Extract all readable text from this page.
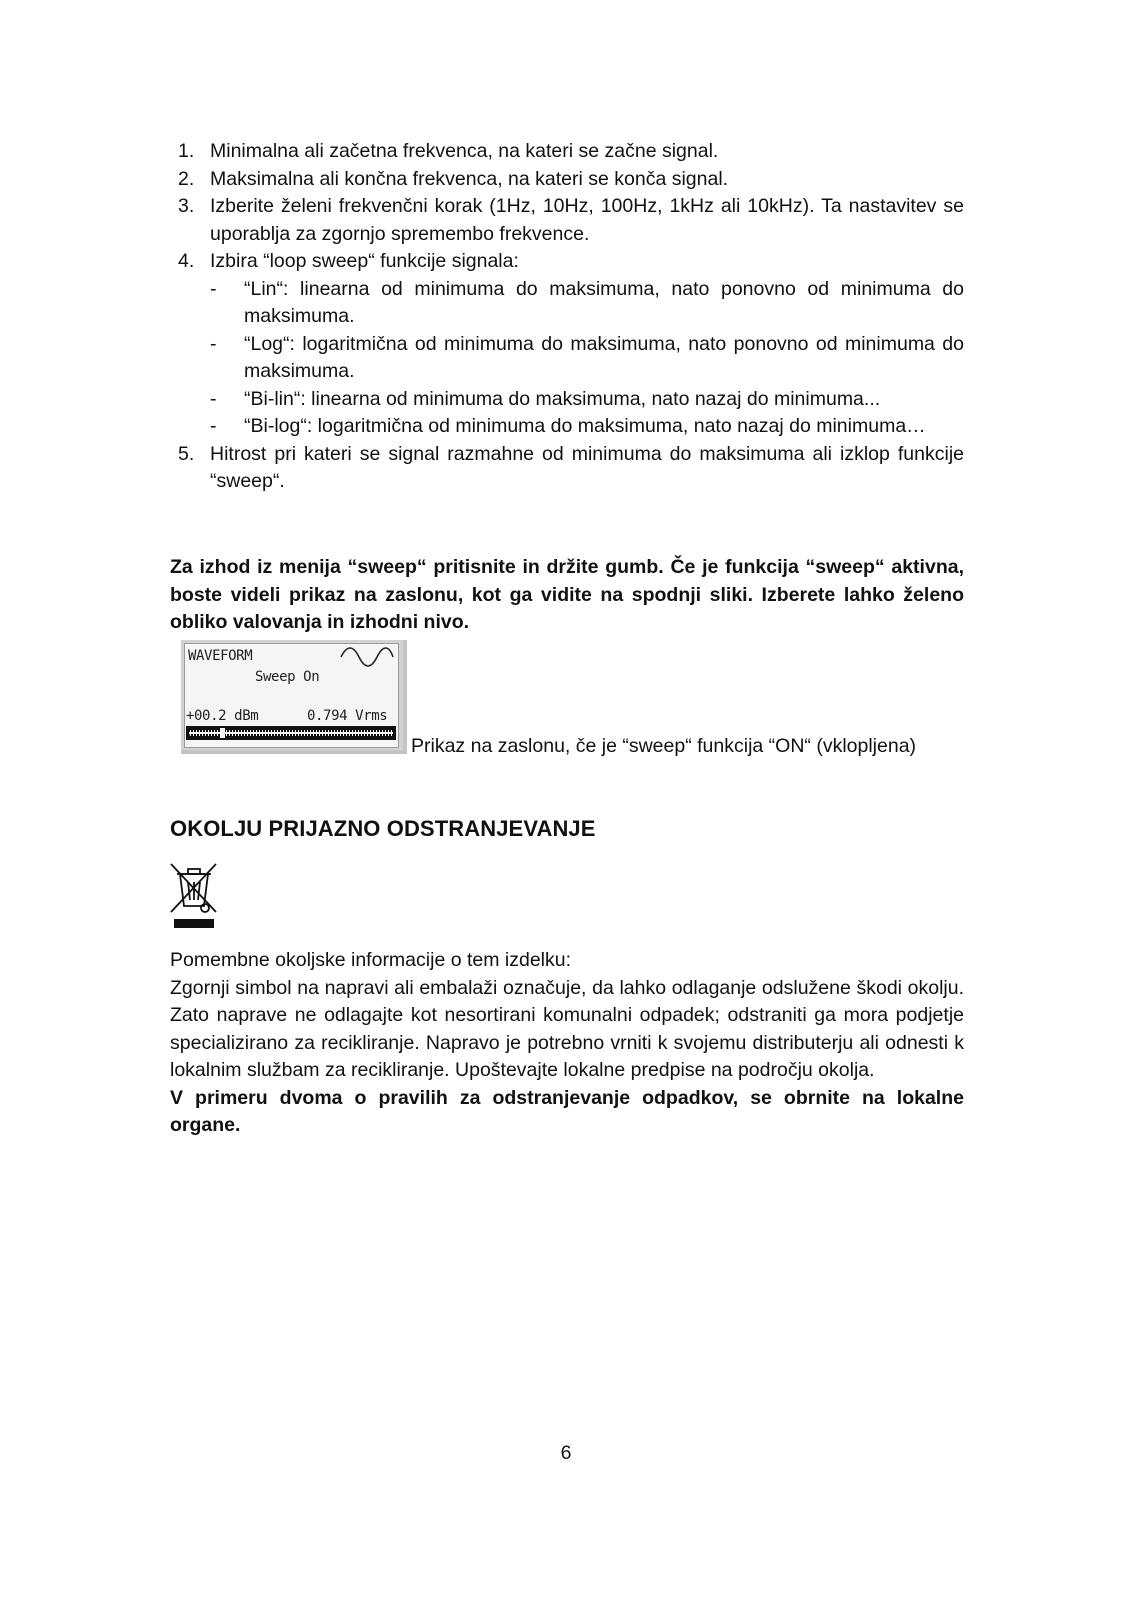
1. Minimalna ali začetna frekvenca, na kateri se začne signal.
2. Maksimalna ali končna frekvenca, na kateri se konča signal.
3. Izberite želeni frekvenčni korak (1Hz, 10Hz, 100Hz, 1kHz ali 10kHz). Ta nastavitev se uporablja za zgornjo spremembo frekvence.
4. Izbira “loop sweep“ funkcije signala:
- “Lin“: linearna od minimuma do maksimuma, nato ponovno od minimuma do maksimuma.
- “Log“: logaritmična od minimuma do maksimuma, nato ponovno od minimuma do maksimuma.
- “Bi-lin“: linearna od minimuma do maksimuma, nato nazaj do minimuma...
- “Bi-log“: logaritmična od minimuma do maksimuma, nato nazaj do minimuma…
5. Hitrost pri kateri se signal razmahne od minimuma do maksimuma ali izklop funkcije “sweep“.

Za izhod iz menija “sweep“ pritisnite in držite gumb. Če je funkcija “sweep“ aktivna, boste videli prikaz na zaslonu, kot ga vidite na spodnji sliki. Izberete lahko želeno obliko valovanja in izhodni nivo.

WAVEFORM
Sweep On
+00.2 dBm	0.794 Vrms
Prikaz na zaslonu, če je “sweep“ funkcija “ON“ (vklopljena)
OKOLJU PRIJAZNO ODSTRANJEVANJE
Pomembne okoljske informacije o tem izdelku:
Zgornji simbol na napravi ali embalaži označuje, da lahko odlaganje odslužene škodi okolju. Zato naprave ne odlagajte kot nesortirani komunalni odpadek; odstraniti ga mora podjetje specializirano za recikliranje. Napravo je potrebno vrniti k svojemu distributerju ali odnesti k lokalnim službam za recikliranje. Upoštevajte lokalne predpise na področju okolja.
V primeru dvoma o pravilih za odstranjevanje odpadkov, se obrnite na lokalne organe.
6
